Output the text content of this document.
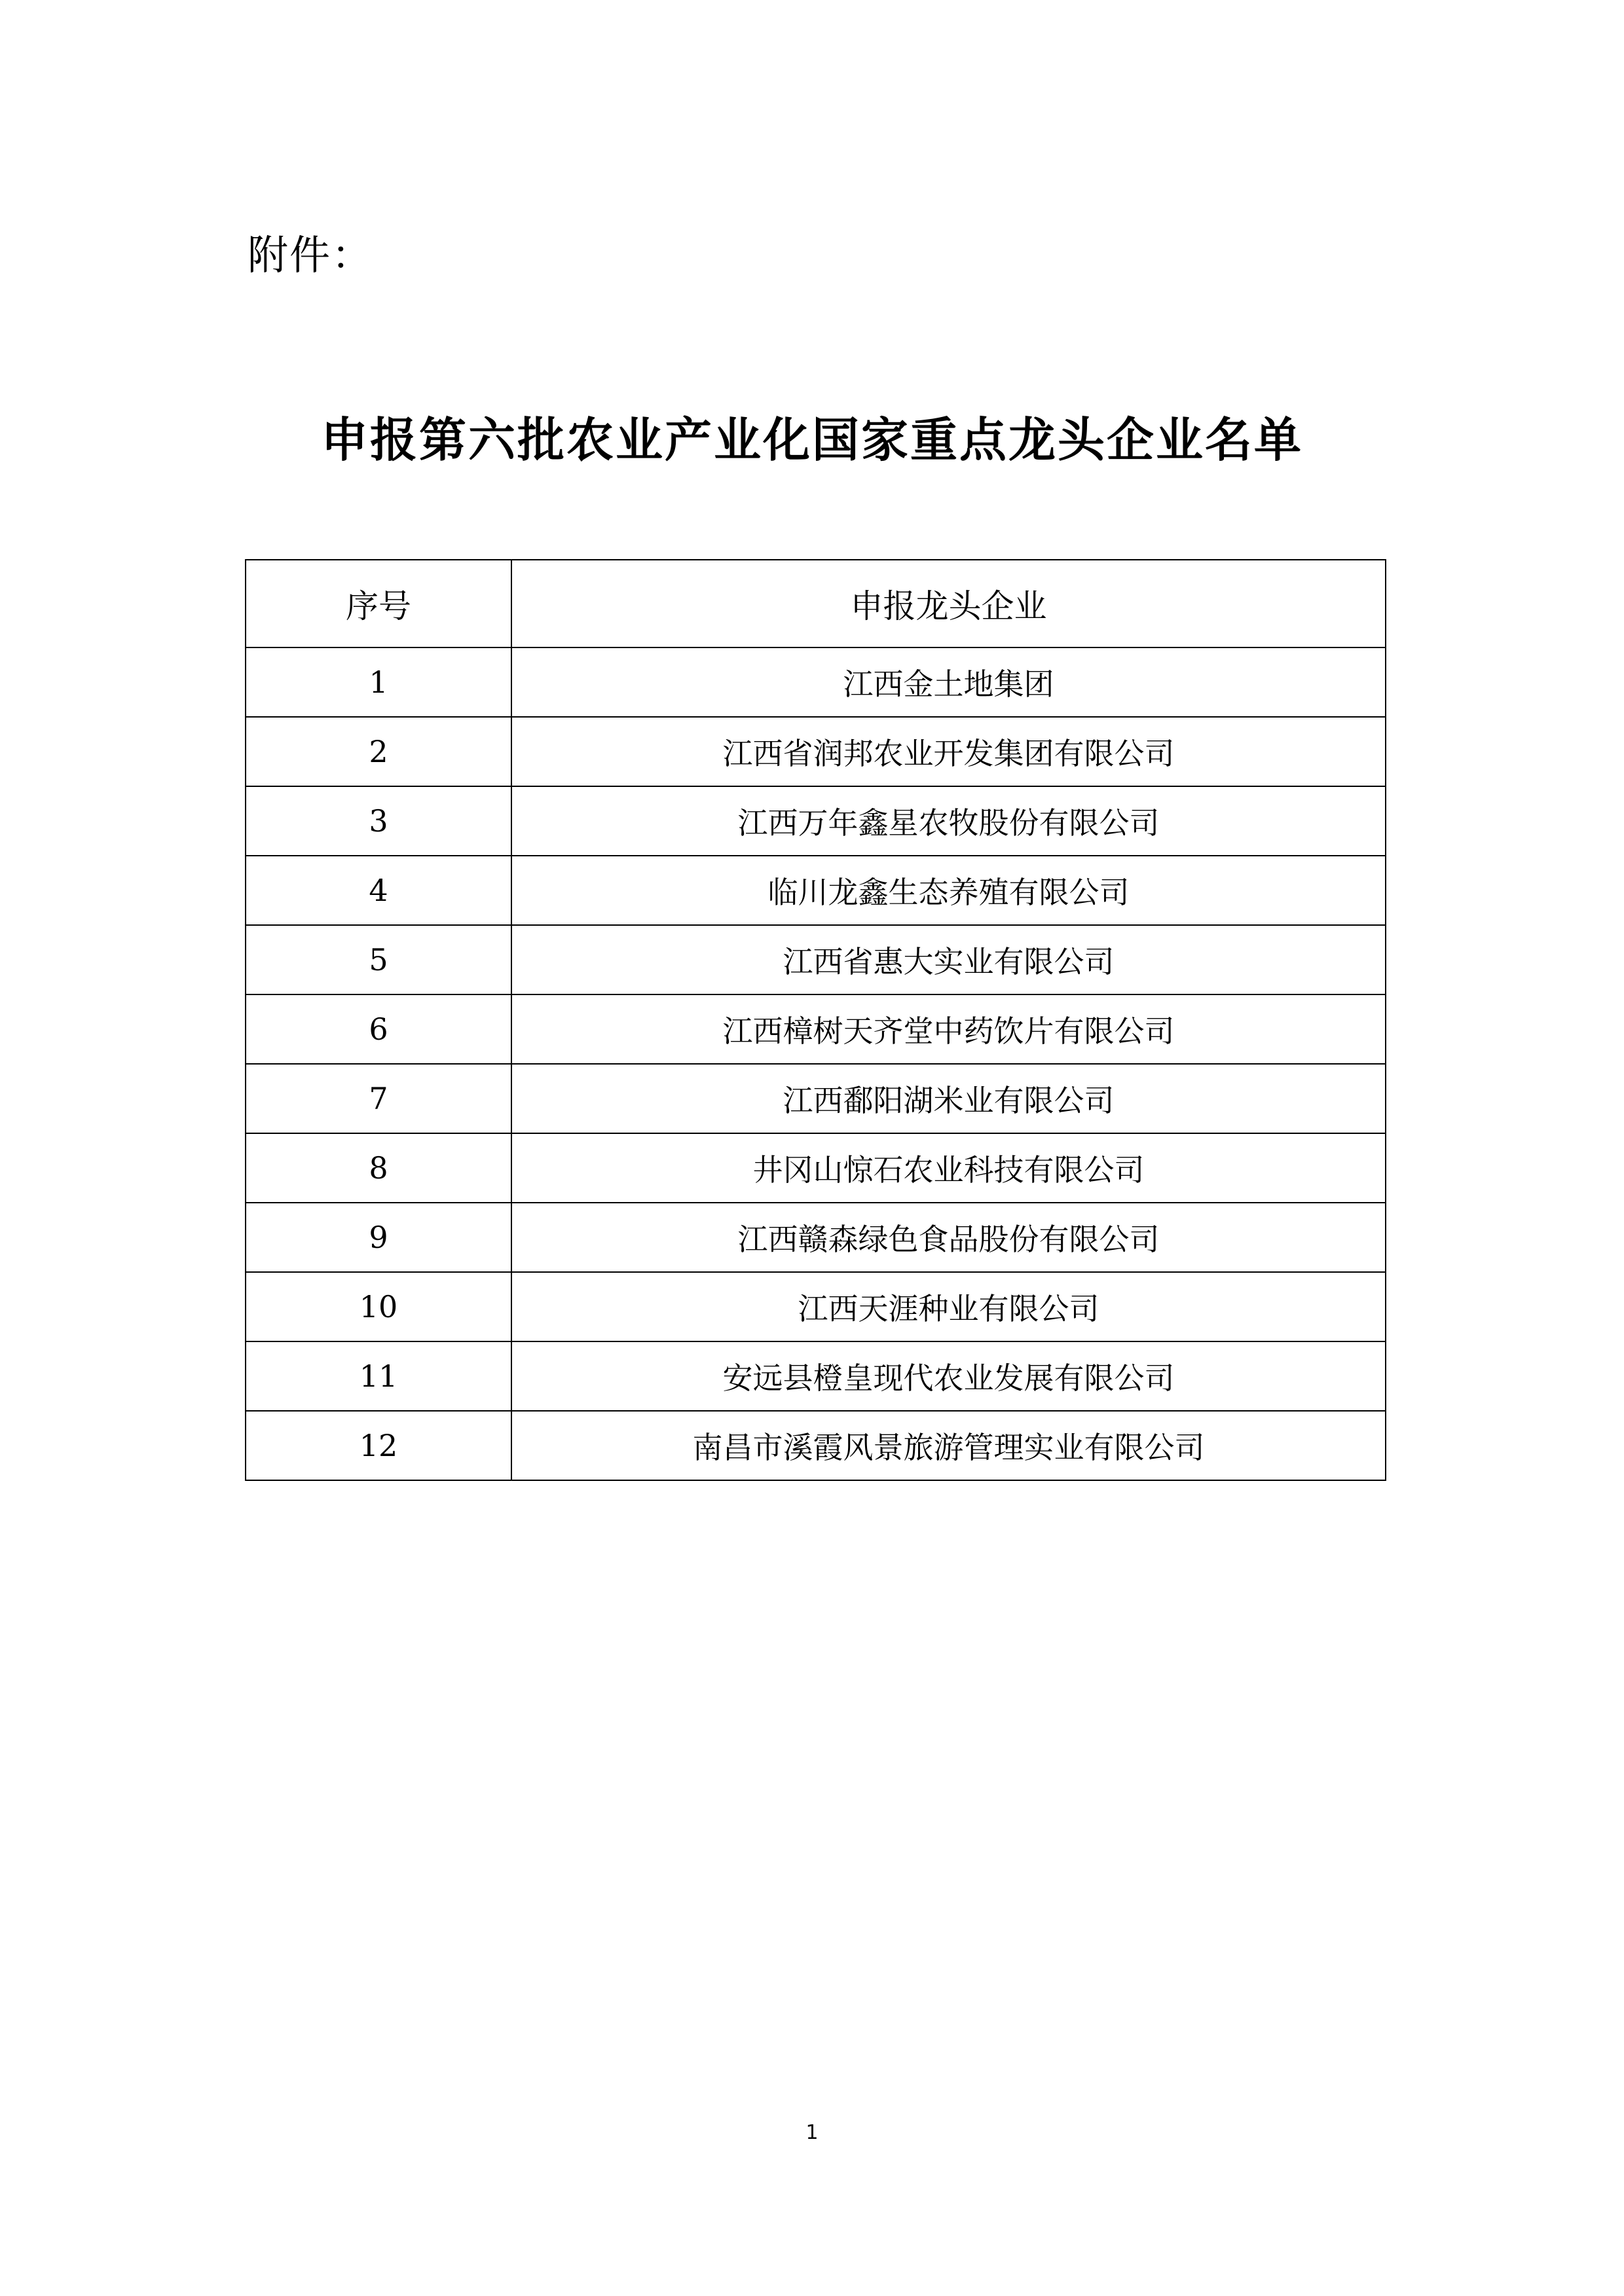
附件：
申报第六批农业产业化国家重点龙头企业名单
序号	申报龙头企业
1	江西金土地集团
2	江西省润邦农业开发集团有限公司
3	江西万年鑫星农牧股份有限公司
4	临川龙鑫生态养殖有限公司
5	江西省惠大实业有限公司
6	江西樟树天齐堂中药饮片有限公司
7	江西鄱阳湖米业有限公司
8	井冈山惊石农业科技有限公司
9	江西赣森绿色食品股份有限公司
10	江西天涯种业有限公司
11	安远县橙皇现代农业发展有限公司
12	南昌市溪霞风景旅游管理实业有限公司
1
